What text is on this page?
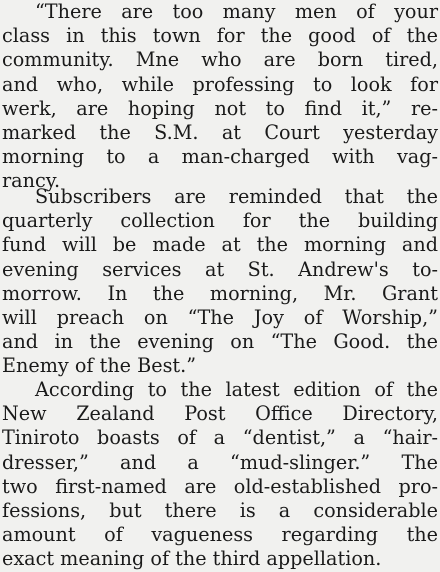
“There are too many men of your
class in this town for the good of the
community. Mne who are born tired,
and who, while professing to look for
werk, are hoping not to find it,” re-
marked the S.M. at Court yesterday
morning to a man-charged with vag-
rancy.
Subscribers are reminded that the
quarterly collection for the building
fund will be made at the morning and
evening services at St. Andrew's to-
morrow. In the morning, Mr. Grant
will preach on “The Joy of Worship,”
and in the evening on “The Good. the
Enemy of the Best.”
According to the latest edition of the
New Zealand Post Office Directory,
Tiniroto boasts of a “dentist,” a “hair-
dresser,” and a “mud-slinger.” The
two first-named are old-established pro-
fessions, but there is a considerable
amount of vagueness regarding the
exact meaning of the third appellation.
